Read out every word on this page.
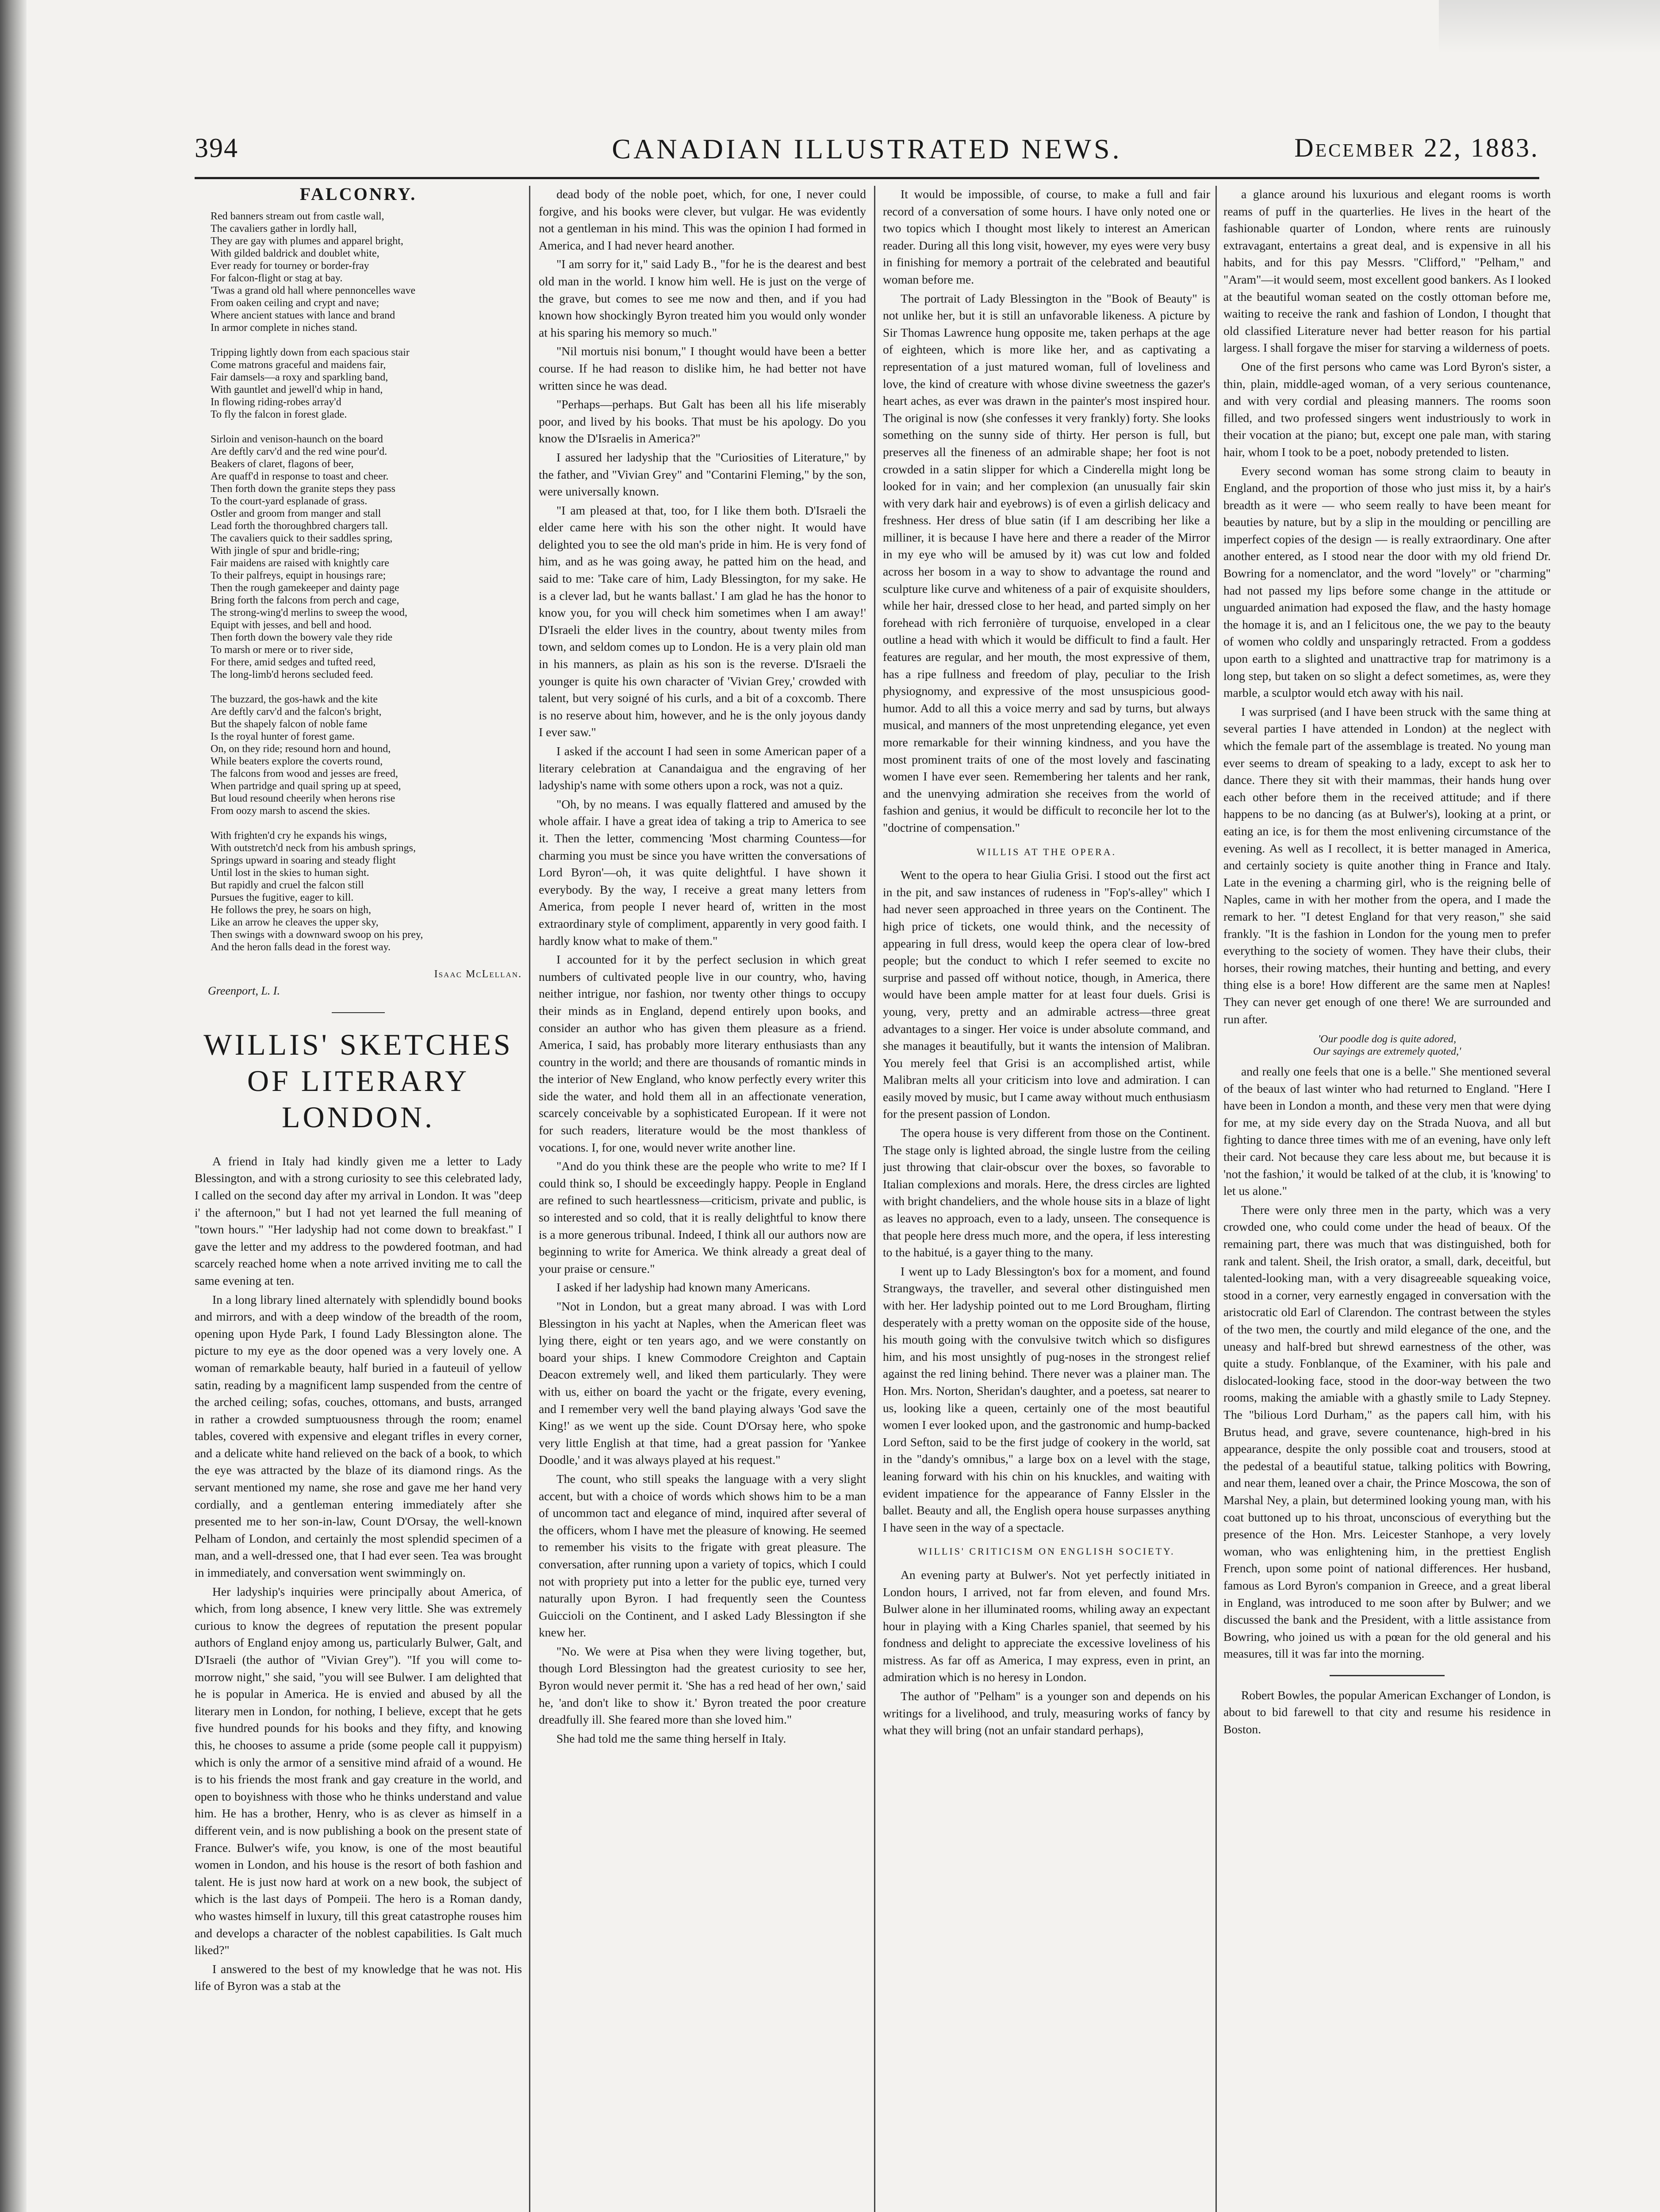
394	CANADIAN ILLUSTRATED NEWS.	December 22, 1883.
FALCONRY.
Red banners stream out from castle wall,
The cavaliers gather in lordly hall,
They are gay with plumes and apparel bright,
With gilded baldrick and doublet white,
Ever ready for tourney or border-fray
For falcon-flight or stag at bay.
'Twas a grand old hall where pennoncelles wave
From oaken ceiling and crypt and nave;
Where ancient statues with lance and brand
In armor complete in niches stand.
Tripping lightly down from each spacious stair
Come matrons graceful and maidens fair,
Fair damsels—a roxy and sparkling band,
With gauntlet and jewell'd whip in hand,
In flowing riding-robes array'd
To fly the falcon in forest glade.
Sirloin and venison-haunch on the board
Are deftly carv'd and the red wine pour'd.
Beakers of claret, flagons of beer,
Are quaff'd in response to toast and cheer.
Then forth down the granite steps they pass
To the court-yard esplanade of grass.
Ostler and groom from manger and stall
Lead forth the thoroughbred chargers tall.
The cavaliers quick to their saddles spring,
With jingle of spur and bridle-ring;
Fair maidens are raised with knightly care
To their palfreys, equipt in housings rare;
Then the rough gamekeeper and dainty page
Bring forth the falcons from perch and cage,
The strong-wing'd merlins to sweep the wood,
Equipt with jesses, and bell and hood.
Then forth down the bowery vale they ride
To marsh or mere or to river side,
For there, amid sedges and tufted reed,
The long-limb'd herons secluded feed.
The buzzard, the gos-hawk and the kite
Are deftly carv'd and the falcon's bright,
But the shapely falcon of noble fame
Is the royal hunter of forest game.
On, on they ride; resound horn and hound,
While beaters explore the coverts round,
The falcons from wood and jesses are freed,
When partridge and quail spring up at speed,
But loud resound cheerily when herons rise
From oozy marsh to ascend the skies.
With frighten'd cry he expands his wings,
With outstretch'd neck from his ambush springs,
Springs upward in soaring and steady flight
Until lost in the skies to human sight.
But rapidly and cruel the falcon still
Pursues the fugitive, eager to kill.
He follows the prey, he soars on high,
Like an arrow he cleaves the upper sky,
Then swings with a downward swoop on his prey,
And the heron falls dead in the forest way.
Isaac McLellan.
Greenport, L. I.
WILLIS' SKETCHES OF LITERARY LONDON.

A friend in Italy had kindly given me a letter to Lady Blessington, and with a strong curiosity to see this celebrated lady, I called on the second day after my arrival in London. It was "deep i' the afternoon," but I had not yet learned the full meaning of "town hours." "Her ladyship had not come down to breakfast." I gave the letter and my address to the powdered footman, and had scarcely reached home when a note arrived inviting me to call the same evening at ten.

In a long library lined alternately with splendidly bound books and mirrors, and with a deep window of the breadth of the room, opening upon Hyde Park, I found Lady Blessington alone. The picture to my eye as the door opened was a very lovely one. A woman of remarkable beauty, half buried in a fauteuil of yellow satin, reading by a magnificent lamp suspended from the centre of the arched ceiling; sofas, couches, ottomans, and busts, arranged in rather a crowded sumptuousness through the room; enamel tables, covered with expensive and elegant trifles in every corner, and a delicate white hand relieved on the back of a book, to which the eye was attracted by the blaze of its diamond rings. As the servant mentioned my name, she rose and gave me her hand very cordially, and a gentleman entering immediately after she presented me to her son-in-law, Count D'Orsay, the well-known Pelham of London, and certainly the most splendid specimen of a man, and a well-dressed one, that I had ever seen. Tea was brought in immediately, and conversation went swimmingly on.

Her ladyship's inquiries were principally about America, of which, from long absence, I knew very little. She was extremely curious to know the degrees of reputation the present popular authors of England enjoy among us, particularly Bulwer, Galt, and D'Israeli (the author of "Vivian Grey"). "If you will come to-morrow night," she said, "you will see Bulwer. I am delighted that he is popular in America. He is envied and abused by all the literary men in London, for nothing, I believe, except that he gets five hundred pounds for his books and they fifty, and knowing this, he chooses to assume a pride (some people call it puppyism) which is only the armor of a sensitive mind afraid of a wound. He is to his friends the most frank and gay creature in the world, and open to boyishness with those who he thinks understand and value him. He has a brother, Henry, who is as clever as himself in a different vein, and is now publishing a book on the present state of France. Bulwer's wife, you know, is one of the most beautiful women in London, and his house is the resort of both fashion and talent. He is just now hard at work on a new book, the subject of which is the last days of Pompeii. The hero is a Roman dandy, who wastes himself in luxury, till this great catastrophe rouses him and develops a character of the noblest capabilities. Is Galt much liked?"

I answered to the best of my knowledge that he was not. His life of Byron was a stab at the

dead body of the noble poet, which, for one, I never could forgive, and his books were clever, but vulgar. He was evidently not a gentleman in his mind. This was the opinion I had formed in America, and I had never heard another.

"I am sorry for it," said Lady B., "for he is the dearest and best old man in the world. I know him well. He is just on the verge of the grave, but comes to see me now and then, and if you had known how shockingly Byron treated him you would only wonder at his sparing his memory so much."

"Nil mortuis nisi bonum," I thought would have been a better course. If he had reason to dislike him, he had better not have written since he was dead.

"Perhaps—perhaps. But Galt has been all his life miserably poor, and lived by his books. That must be his apology. Do you know the D'Israelis in America?"

I assured her ladyship that the "Curiosities of Literature," by the father, and "Vivian Grey" and "Contarini Fleming," by the son, were universally known.

"I am pleased at that, too, for I like them both. D'Israeli the elder came here with his son the other night. It would have delighted you to see the old man's pride in him. He is very fond of him, and as he was going away, he patted him on the head, and said to me: 'Take care of him, Lady Blessington, for my sake. He is a clever lad, but he wants ballast.' I am glad he has the honor to know you, for you will check him sometimes when I am away!' D'Israeli the elder lives in the country, about twenty miles from town, and seldom comes up to London. He is a very plain old man in his manners, as plain as his son is the reverse. D'Israeli the younger is quite his own character of 'Vivian Grey,' crowded with talent, but very soigné of his curls, and a bit of a coxcomb. There is no reserve about him, however, and he is the only joyous dandy I ever saw."

I asked if the account I had seen in some American paper of a literary celebration at Canandaigua and the engraving of her ladyship's name with some others upon a rock, was not a quiz.

"Oh, by no means. I was equally flattered and amused by the whole affair. I have a great idea of taking a trip to America to see it. Then the letter, commencing 'Most charming Countess—for charming you must be since you have written the conversations of Lord Byron'—oh, it was quite delightful. I have shown it everybody. By the way, I receive a great many letters from America, from people I never heard of, written in the most extraordinary style of compliment, apparently in very good faith. I hardly know what to make of them."

I accounted for it by the perfect seclusion in which great numbers of cultivated people live in our country, who, having neither intrigue, nor fashion, nor twenty other things to occupy their minds as in England, depend entirely upon books, and consider an author who has given them pleasure as a friend. America, I said, has probably more literary enthusiasts than any country in the world; and there are thousands of romantic minds in the interior of New England, who know perfectly every writer this side the water, and hold them all in an affectionate veneration, scarcely conceivable by a sophisticated European. If it were not for such readers, literature would be the most thankless of vocations. I, for one, would never write another line.

"And do you think these are the people who write to me? If I could think so, I should be exceedingly happy. People in England are refined to such heartlessness—criticism, private and public, is so interested and so cold, that it is really delightful to know there is a more generous tribunal. Indeed, I think all our authors now are beginning to write for America. We think already a great deal of your praise or censure."

I asked if her ladyship had known many Americans.

"Not in London, but a great many abroad. I was with Lord Blessington in his yacht at Naples, when the American fleet was lying there, eight or ten years ago, and we were constantly on board your ships. I knew Commodore Creighton and Captain Deacon extremely well, and liked them particularly. They were with us, either on board the yacht or the frigate, every evening, and I remember very well the band playing always 'God save the King!' as we went up the side. Count D'Orsay here, who spoke very little English at that time, had a great passion for 'Yankee Doodle,' and it was always played at his request."

The count, who still speaks the language with a very slight accent, but with a choice of words which shows him to be a man of uncommon tact and elegance of mind, inquired after several of the officers, whom I have met the pleasure of knowing. He seemed to remember his visits to the frigate with great pleasure. The conversation, after running upon a variety of topics, which I could not with propriety put into a letter for the public eye, turned very naturally upon Byron. I had frequently seen the Countess Guiccioli on the Continent, and I asked Lady Blessington if she knew her.

"No. We were at Pisa when they were living together, but, though Lord Blessington had the greatest curiosity to see her, Byron would never permit it. 'She has a red head of her own,' said he, 'and don't like to show it.' Byron treated the poor creature dreadfully ill. She feared more than she loved him."

She had told me the same thing herself in Italy.

It would be impossible, of course, to make a full and fair record of a conversation of some hours. I have only noted one or two topics which I thought most likely to interest an American reader. During all this long visit, however, my eyes were very busy in finishing for memory a portrait of the celebrated and beautiful woman before me.

The portrait of Lady Blessington in the "Book of Beauty" is not unlike her, but it is still an unfavorable likeness. A picture by Sir Thomas Lawrence hung opposite me, taken perhaps at the age of eighteen, which is more like her, and as captivating a representation of a just matured woman, full of loveliness and love, the kind of creature with whose divine sweetness the gazer's heart aches, as ever was drawn in the painter's most inspired hour. The original is now (she confesses it very frankly) forty. She looks something on the sunny side of thirty. Her person is full, but preserves all the fineness of an admirable shape; her foot is not crowded in a satin slipper for which a Cinderella might long be looked for in vain; and her complexion (an unusually fair skin with very dark hair and eyebrows) is of even a girlish delicacy and freshness. Her dress of blue satin (if I am describing her like a milliner, it is because I have here and there a reader of the Mirror in my eye who will be amused by it) was cut low and folded across her bosom in a way to show to advantage the round and sculpture like curve and whiteness of a pair of exquisite shoulders, while her hair, dressed close to her head, and parted simply on her forehead with rich ferronière of turquoise, enveloped in a clear outline a head with which it would be difficult to find a fault. Her features are regular, and her mouth, the most expressive of them, has a ripe fullness and freedom of play, peculiar to the Irish physiognomy, and expressive of the most unsuspicious good-humor. Add to all this a voice merry and sad by turns, but always musical, and manners of the most unpretending elegance, yet even more remarkable for their winning kindness, and you have the most prominent traits of one of the most lovely and fascinating women I have ever seen. Remembering her talents and her rank, and the unenvying admiration she receives from the world of fashion and genius, it would be difficult to reconcile her lot to the "doctrine of compensation."

WILLIS AT THE OPERA.

Went to the opera to hear Giulia Grisi. I stood out the first act in the pit, and saw instances of rudeness in "Fop's-alley" which I had never seen approached in three years on the Continent. The high price of tickets, one would think, and the necessity of appearing in full dress, would keep the opera clear of low-bred people; but the conduct to which I refer seemed to excite no surprise and passed off without notice, though, in America, there would have been ample matter for at least four duels. Grisi is young, very, pretty and an admirable actress—three great advantages to a singer. Her voice is under absolute command, and she manages it beautifully, but it wants the intension of Malibran. You merely feel that Grisi is an accomplished artist, while Malibran melts all your criticism into love and admiration. I can easily moved by music, but I came away without much enthusiasm for the present passion of London.

The opera house is very different from those on the Continent. The stage only is lighted abroad, the single lustre from the ceiling just throwing that clair-obscur over the boxes, so favorable to Italian complexions and morals. Here, the dress circles are lighted with bright chandeliers, and the whole house sits in a blaze of light as leaves no approach, even to a lady, unseen. The consequence is that people here dress much more, and the opera, if less interesting to the habitué, is a gayer thing to the many.

I went up to Lady Blessington's box for a moment, and found Strangways, the traveller, and several other distinguished men with her. Her ladyship pointed out to me Lord Brougham, flirting desperately with a pretty woman on the opposite side of the house, his mouth going with the convulsive twitch which so disfigures him, and his most unsightly of pug-noses in the strongest relief against the red lining behind. There never was a plainer man. The Hon. Mrs. Norton, Sheridan's daughter, and a poetess, sat nearer to us, looking like a queen, certainly one of the most beautiful women I ever looked upon, and the gastronomic and hump-backed Lord Sefton, said to be the first judge of cookery in the world, sat in the "dandy's omnibus," a large box on a level with the stage, leaning forward with his chin on his knuckles, and waiting with evident impatience for the appearance of Fanny Elssler in the ballet. Beauty and all, the English opera house surpasses anything I have seen in the way of a spectacle.

WILLIS' CRITICISM ON ENGLISH SOCIETY.

An evening party at Bulwer's. Not yet perfectly initiated in London hours, I arrived, not far from eleven, and found Mrs. Bulwer alone in her illuminated rooms, whiling away an expectant hour in playing with a King Charles spaniel, that seemed by his fondness and delight to appreciate the excessive loveliness of his mistress. As far off as America, I may express, even in print, an admiration which is no heresy in London.

The author of "Pelham" is a younger son and depends on his writings for a livelihood, and truly, measuring works of fancy by what they will bring (not an unfair standard perhaps),

a glance around his luxurious and elegant rooms is worth reams of puff in the quarterlies. He lives in the heart of the fashionable quarter of London, where rents are ruinously extravagant, entertains a great deal, and is expensive in all his habits, and for this pay Messrs. "Clifford," "Pelham," and "Aram"—it would seem, most excellent good bankers. As I looked at the beautiful woman seated on the costly ottoman before me, waiting to receive the rank and fashion of London, I thought that old classified Literature never had better reason for his partial largess. I shall forgave the miser for starving a wilderness of poets.

One of the first persons who came was Lord Byron's sister, a thin, plain, middle-aged woman, of a very serious countenance, and with very cordial and pleasing manners. The rooms soon filled, and two professed singers went industriously to work in their vocation at the piano; but, except one pale man, with staring hair, whom I took to be a poet, nobody pretended to listen.

Every second woman has some strong claim to beauty in England, and the proportion of those who just miss it, by a hair's breadth as it were — who seem really to have been meant for beauties by nature, but by a slip in the moulding or pencilling are imperfect copies of the design — is really extraordinary. One after another entered, as I stood near the door with my old friend Dr. Bowring for a nomenclator, and the word "lovely" or "charming" had not passed my lips before some change in the attitude or unguarded animation had exposed the flaw, and the hasty homage the homage it is, and an I felicitous one, the we pay to the beauty of women who coldly and unsparingly retracted. From a goddess upon earth to a slighted and unattractive trap for matrimony is a long step, but taken on so slight a defect sometimes, as, were they marble, a sculptor would etch away with his nail.

I was surprised (and I have been struck with the same thing at several parties I have attended in London) at the neglect with which the female part of the assemblage is treated. No young man ever seems to dream of speaking to a lady, except to ask her to dance. There they sit with their mammas, their hands hung over each other before them in the received attitude; and if there happens to be no dancing (as at Bulwer's), looking at a print, or eating an ice, is for them the most enlivening circumstance of the evening. As well as I recollect, it is better managed in America, and certainly society is quite another thing in France and Italy. Late in the evening a charming girl, who is the reigning belle of Naples, came in with her mother from the opera, and I made the remark to her. "I detest England for that very reason," she said frankly. "It is the fashion in London for the young men to prefer everything to the society of women. They have their clubs, their horses, their rowing matches, their hunting and betting, and every thing else is a bore! How different are the same men at Naples! They can never get enough of one there! We are surrounded and run after.

'Our poodle dog is quite adored,
Our sayings are extremely quoted,'

and really one feels that one is a belle." She mentioned several of the beaux of last winter who had returned to England. "Here I have been in London a month, and these very men that were dying for me, at my side every day on the Strada Nuova, and all but fighting to dance three times with me of an evening, have only left their card. Not because they care less about me, but because it is 'not the fashion,' it would be talked of at the club, it is 'knowing' to let us alone."

There were only three men in the party, which was a very crowded one, who could come under the head of beaux. Of the remaining part, there was much that was distinguished, both for rank and talent. Sheil, the Irish orator, a small, dark, deceitful, but talented-looking man, with a very disagreeable squeaking voice, stood in a corner, very earnestly engaged in conversation with the aristocratic old Earl of Clarendon. The contrast between the styles of the two men, the courtly and mild elegance of the one, and the uneasy and half-bred but shrewd earnestness of the other, was quite a study. Fonblanque, of the Examiner, with his pale and dislocated-looking face, stood in the door-way between the two rooms, making the amiable with a ghastly smile to Lady Stepney. The "bilious Lord Durham," as the papers call him, with his Brutus head, and grave, severe countenance, high-bred in his appearance, despite the only possible coat and trousers, stood at the pedestal of a beautiful statue, talking politics with Bowring, and near them, leaned over a chair, the Prince Moscowa, the son of Marshal Ney, a plain, but determined looking young man, with his coat buttoned up to his throat, unconscious of everything but the presence of the Hon. Mrs. Leicester Stanhope, a very lovely woman, who was enlightening him, in the prettiest English French, upon some point of national differences. Her husband, famous as Lord Byron's companion in Greece, and a great liberal in England, was introduced to me soon after by Bulwer; and we discussed the bank and the President, with a little assistance from Bowring, who joined us with a pœan for the old general and his measures, till it was far into the morning.

Robert Bowles, the popular American Exchanger of London, is about to bid farewell to that city and resume his residence in Boston.
